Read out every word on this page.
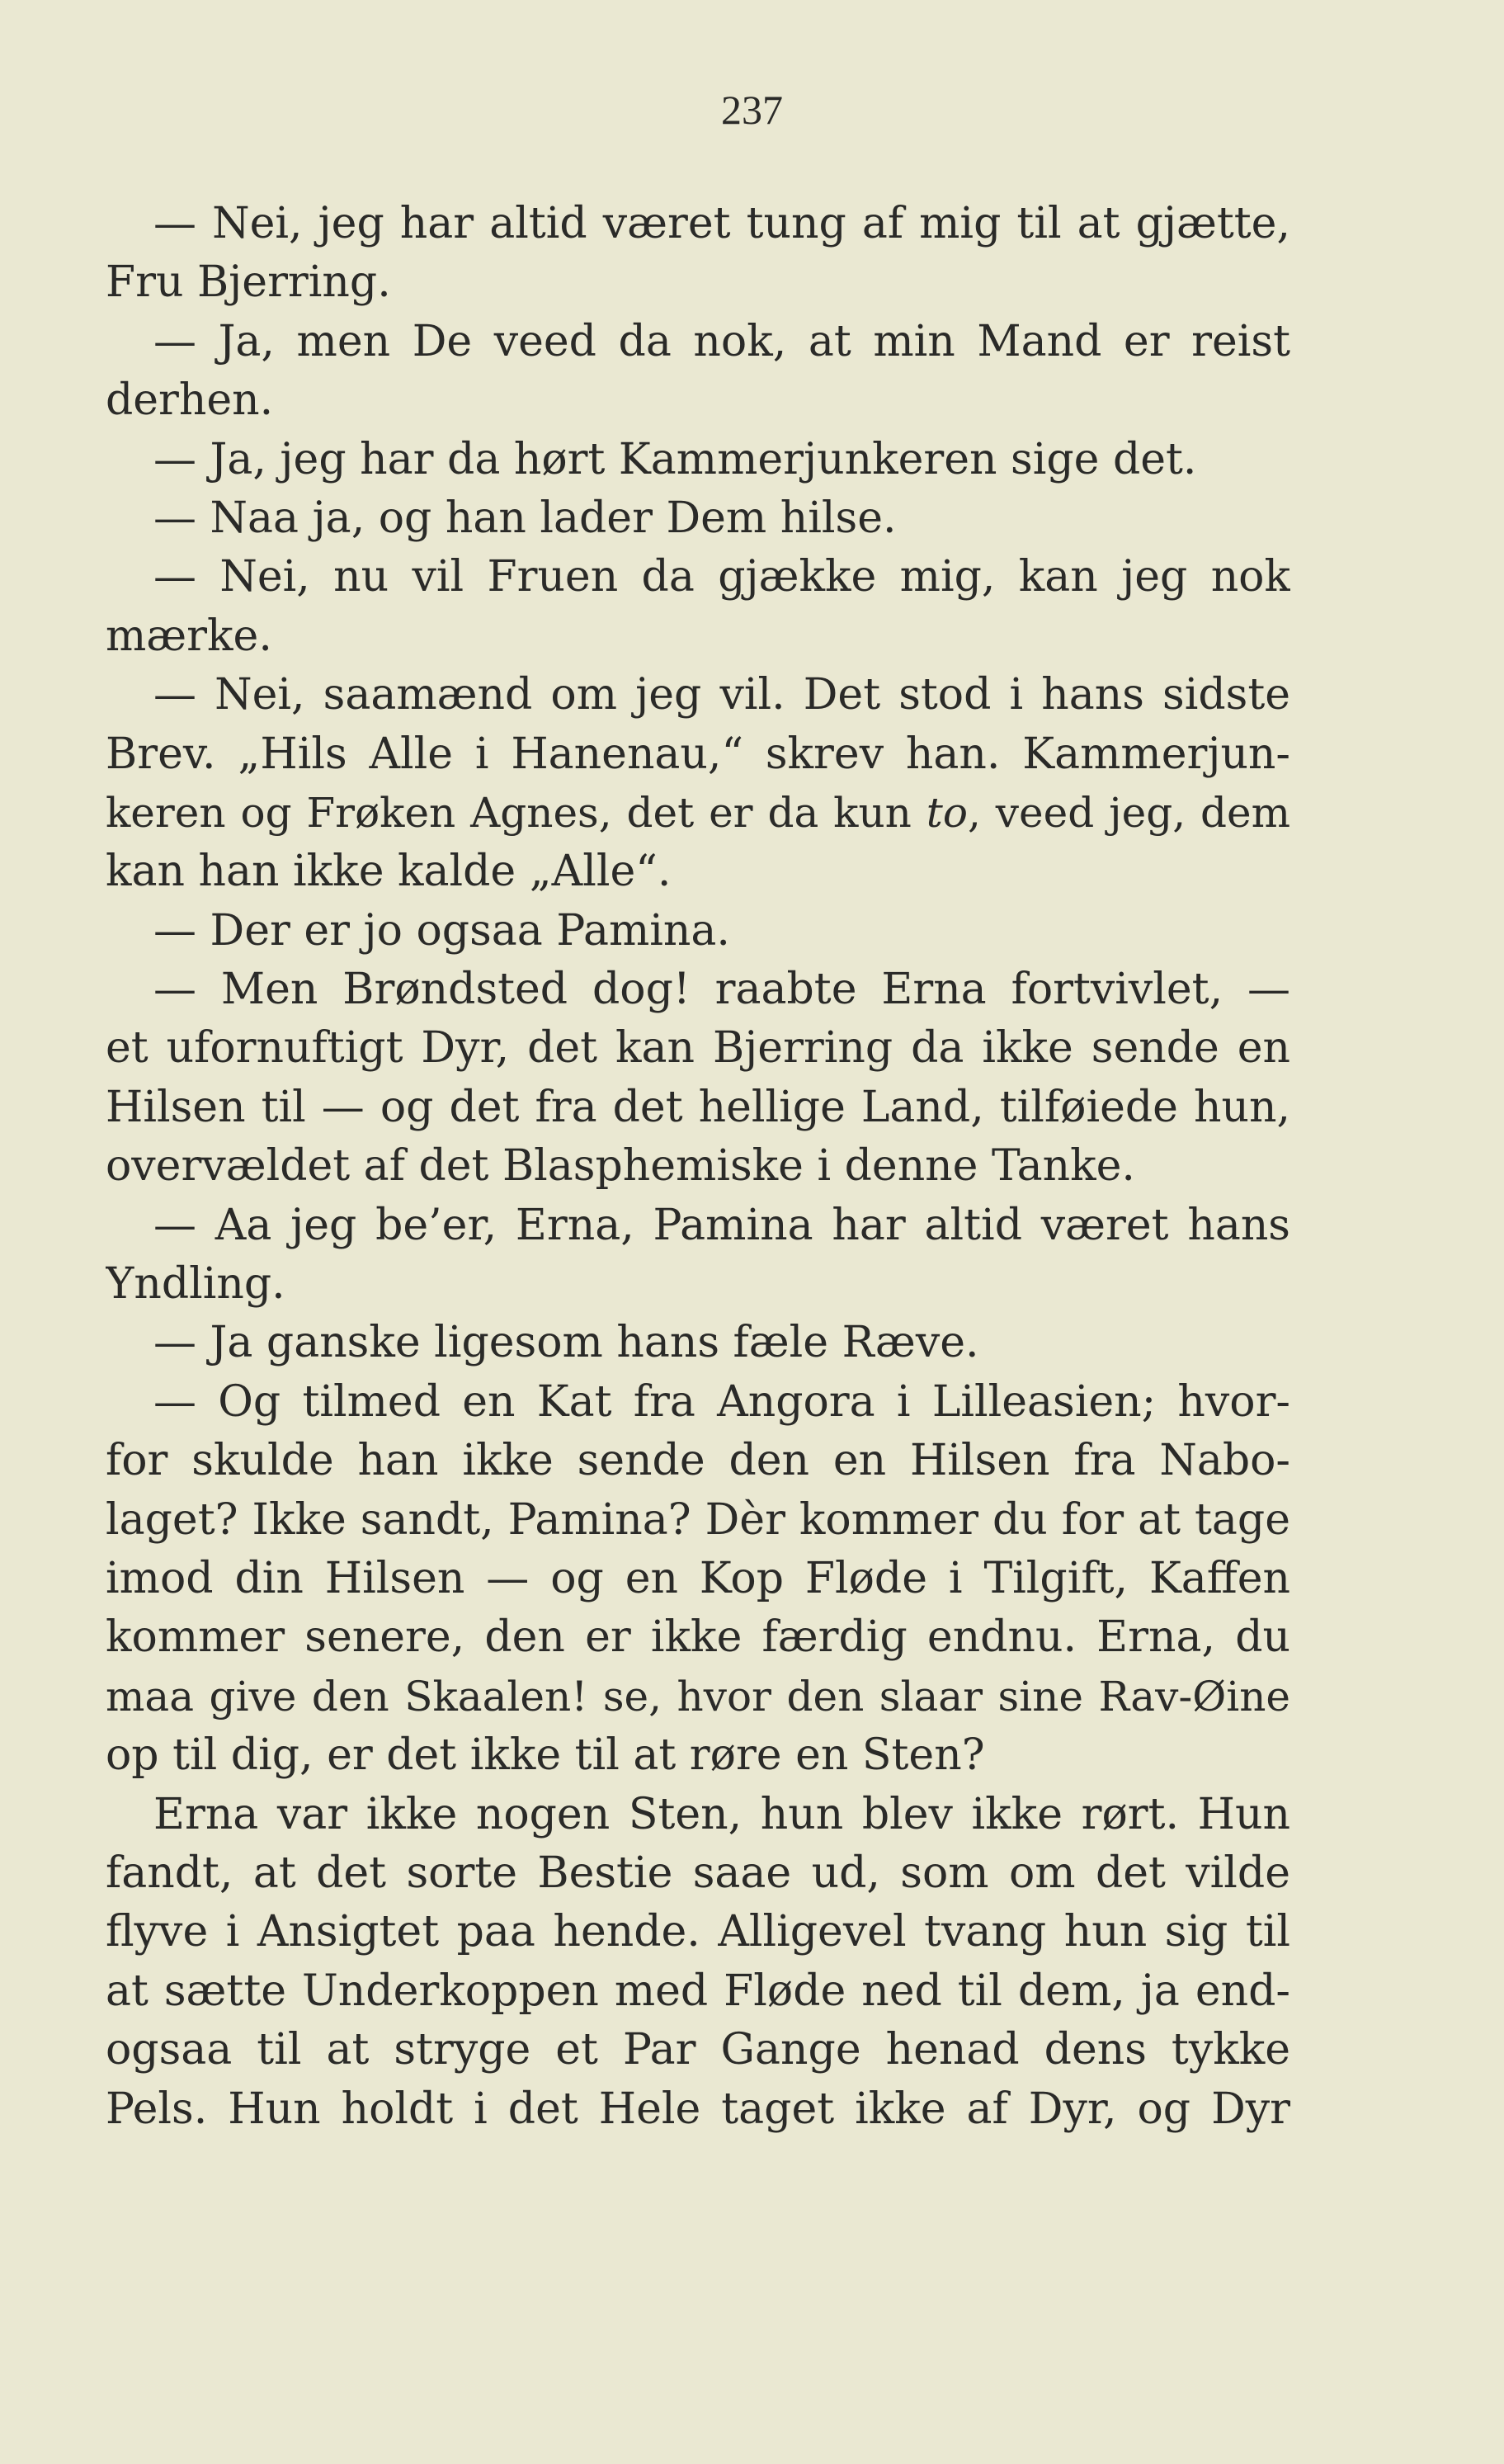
237
— Nei, jeg har altid været tung af mig til at gjætte,
Fru Bjerring.
— Ja, men De veed da nok, at min Mand er reist
derhen.
— Ja, jeg har da hørt Kammerjunkeren sige det.
— Naa ja, og han lader Dem hilse.
— Nei, nu vil Fruen da gjække mig, kan jeg nok
mærke.
— Nei, saamænd om jeg vil. Det stod i hans sidste
Brev. „Hils Alle i Hanenau,“ skrev han. Kammerjun-
keren og Frøken Agnes, det er da kun to, veed jeg, dem
kan han ikke kalde „Alle“.
— Der er jo ogsaa Pamina.
— Men Brøndsted dog! raabte Erna fortvivlet, —
et ufornuftigt Dyr, det kan Bjerring da ikke sende en
Hilsen til — og det fra det hellige Land, tilføiede hun,
overvældet af det Blasphemiske i denne Tanke.
— Aa jeg be’er, Erna, Pamina har altid været hans
Yndling.
— Ja ganske ligesom hans fæle Ræve.
— Og tilmed en Kat fra Angora i Lilleasien; hvor-
for skulde han ikke sende den en Hilsen fra Nabo-
laget? Ikke sandt, Pamina? Dèr kommer du for at tage
imod din Hilsen — og en Kop Fløde i Tilgift, Kaffen
kommer senere, den er ikke færdig endnu. Erna, du
maa give den Skaalen! se, hvor den slaar sine Rav-Øine
op til dig, er det ikke til at røre en Sten?
Erna var ikke nogen Sten, hun blev ikke rørt. Hun
fandt, at det sorte Bestie saae ud, som om det vilde
flyve i Ansigtet paa hende. Alligevel tvang hun sig til
at sætte Underkoppen med Fløde ned til dem, ja end-
ogsaa til at stryge et Par Gange henad dens tykke
Pels. Hun holdt i det Hele taget ikke af Dyr, og Dyr
